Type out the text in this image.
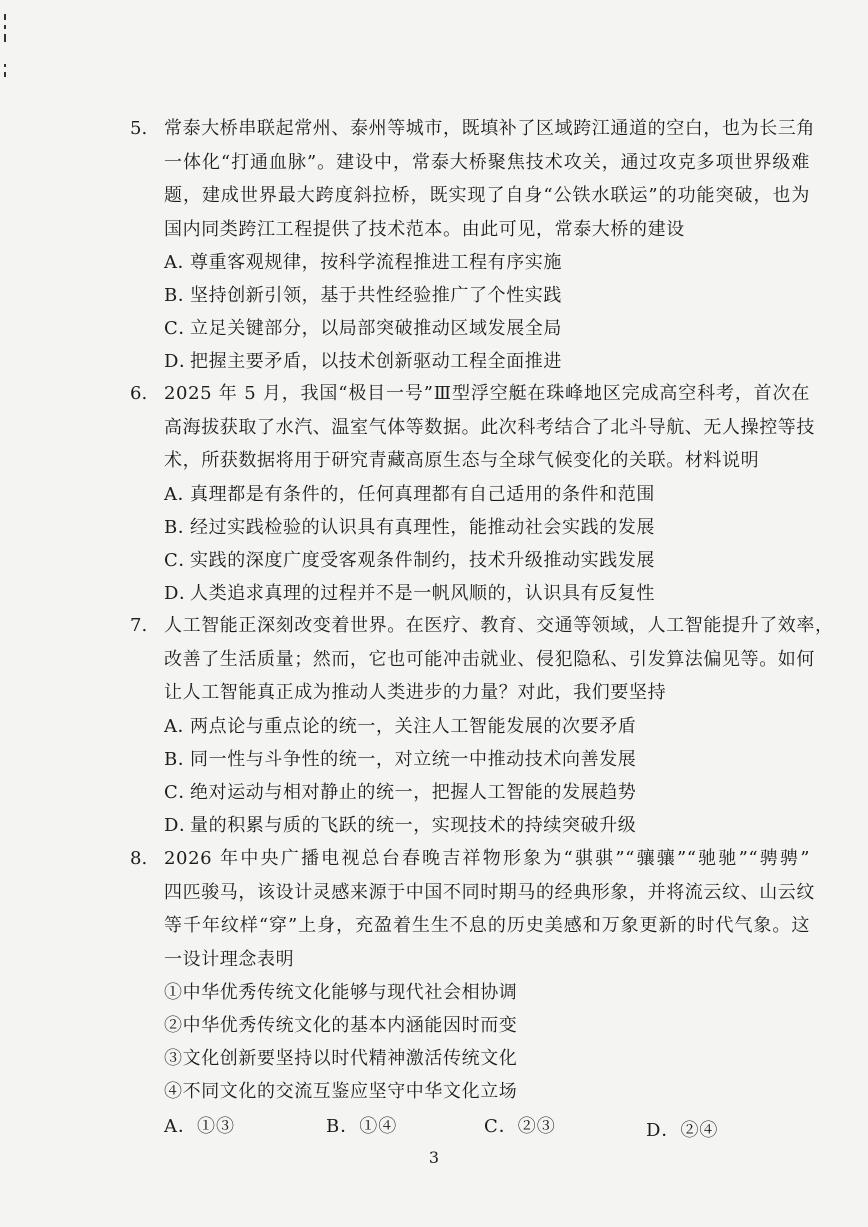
5. 常泰大桥串联起常州、泰州等城市，既填补了区域跨江通道的空白，也为长三角
一体化“打通血脉”。建设中，常泰大桥聚焦技术攻关，通过攻克多项世界级难
题，建成世界最大跨度斜拉桥，既实现了自身“公铁水联运”的功能突破，也为
国内同类跨江工程提供了技术范本。由此可见，常泰大桥的建设
A．尊重客观规律，按科学流程推进工程有序实施
B．坚持创新引领，基于共性经验推广了个性实践
C．立足关键部分，以局部突破推动区域发展全局
D．把握主要矛盾，以技术创新驱动工程全面推进
6. 2025 年 5 月，我国“极目一号”Ⅲ型浮空艇在珠峰地区完成高空科考，首次在
高海拔获取了水汽、温室气体等数据。此次科考结合了北斗导航、无人操控等技
术，所获数据将用于研究青藏高原生态与全球气候变化的关联。材料说明
A．真理都是有条件的，任何真理都有自己适用的条件和范围
B．经过实践检验的认识具有真理性，能推动社会实践的发展
C．实践的深度广度受客观条件制约，技术升级推动实践发展
D．人类追求真理的过程并不是一帆风顺的，认识具有反复性
7. 人工智能正深刻改变着世界。在医疗、教育、交通等领域，人工智能提升了效率，
改善了生活质量；然而，它也可能冲击就业、侵犯隐私、引发算法偏见等。如何
让人工智能真正成为推动人类进步的力量？对此，我们要坚持
A．两点论与重点论的统一，关注人工智能发展的次要矛盾
B．同一性与斗争性的统一，对立统一中推动技术向善发展
C．绝对运动与相对静止的统一，把握人工智能的发展趋势
D．量的积累与质的飞跃的统一，实现技术的持续突破升级
8. 2026 年中央广播电视总台春晚吉祥物形象为“骐骐”“骧骧”“驰驰”“骋骋”
四匹骏马，该设计灵感来源于中国不同时期马的经典形象，并将流云纹、山云纹
等千年纹样“穿”上身，充盈着生生不息的历史美感和万象更新的时代气象。这
一设计理念表明
①中华优秀传统文化能够与现代社会相协调
②中华优秀传统文化的基本内涵能因时而变
③文化创新要坚持以时代精神激活传统文化
④不同文化的交流互鉴应坚守中华文化立场
A．①③	B．①④	C．②③	D．②④
3
